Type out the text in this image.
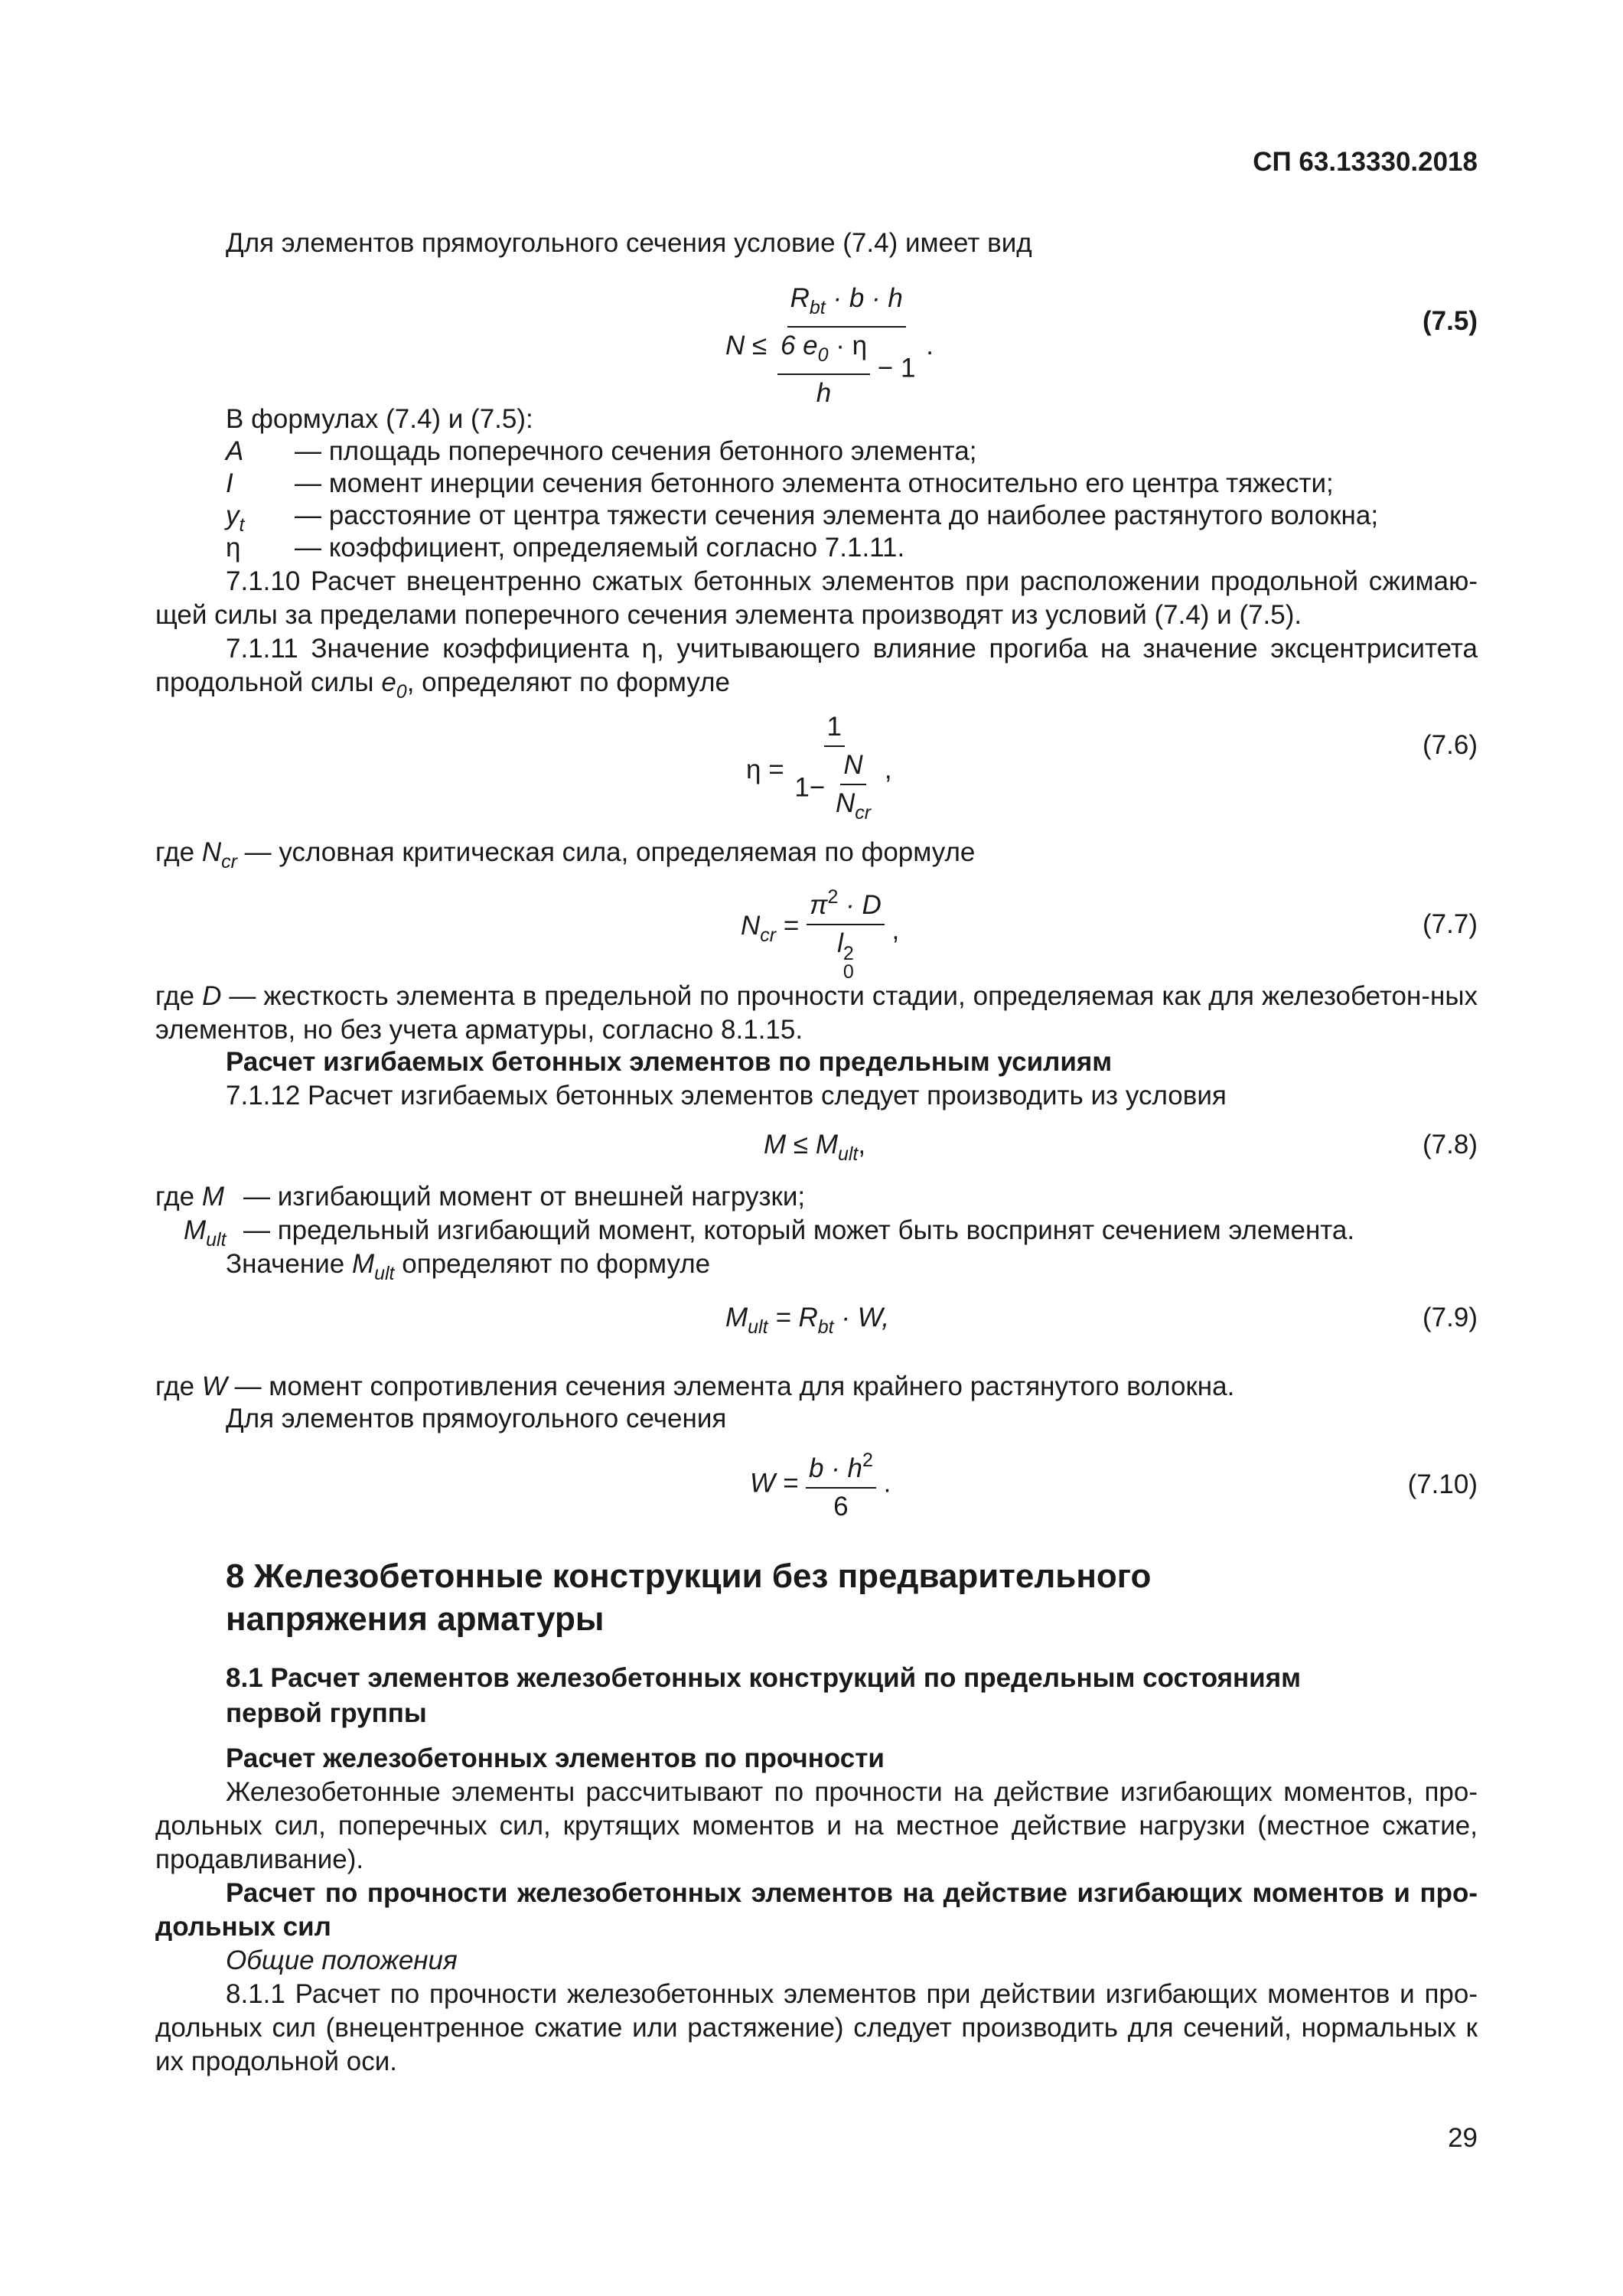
СП 63.13330.2018
Для элементов прямоугольного сечения условие (7.4) имеет вид
$N \le \frac{R_{bt} \cdot b \cdot h}{\frac{6 e_0 \cdot \eta}{h} - 1}$ .
(7.5)
В формулах (7.4) и (7.5):
A — площадь поперечного сечения бетонного элемента;
I — момент инерции сечения бетонного элемента относительно его центра тяжести;
$y_t$ — расстояние от центра тяжести сечения элемента до наиболее растянутого волокна;
η — коэффициент, определяемый согласно 7.1.11.
7.1.10 Расчет внецентренно сжатых бетонных элементов при расположении продольной сжимаю-щей силы за пределами поперечного сечения элемента производят из условий (7.4) и (7.5).
7.1.11 Значение коэффициента η, учитывающего влияние прогиба на значение эксцентриситета продольной силы $e_0$, определяют по формуле
$\eta = \frac{1}{1- \frac{N}{N_{cr}}}$ ,
(7.6)
где $N_{cr}$ — условная критическая сила, определяемая по формуле
$N_{cr} = \pi^2 \cdot D$
l 2
0 ,	(7.7)
где D — жесткость элемента в предельной по прочности стадии, определяемая как для железобетон-ных элементов, но без учета арматуры, согласно 8.1.15.
Расчет изгибаемых бетонных элементов по предельным усилиям
7.1.12 Расчет изгибаемых бетонных элементов следует производить из условия
$M \le M_{ult}$,	(7.8)
где M — изгибающий момент от внешней нагрузки;
$M_{ult}$ — предельный изгибающий момент, который может быть воспринят сечением элемента.
Значение $M_{ult}$ определяют по формуле
$M_{ult} = R_{bt} \cdot W$,	(7.9)
где W — момент сопротивления сечения элемента для крайнего растянутого волокна.
Для элементов прямоугольного сечения
$W = \frac{b \cdot h^2}{6}$ .	(7.10)
8 Железобетонные конструкции без предварительного напряжения арматуры
8.1 Расчет элементов железобетонных конструкций по предельным состояниям первой группы
Расчет железобетонных элементов по прочности
Железобетонные элементы рассчитывают по прочности на действие изгибающих моментов, про-дольных сил, поперечных сил, крутящих моментов и на местное действие нагрузки (местное сжатие, продавливание).
Расчет по прочности железобетонных элементов на действие изгибающих моментов и про-дольных сил
Общие положения
8.1.1 Расчет по прочности железобетонных элементов при действии изгибающих моментов и про-дольных сил (внецентренное сжатие или растяжение) следует производить для сечений, нормальных к их продольной оси.
29
